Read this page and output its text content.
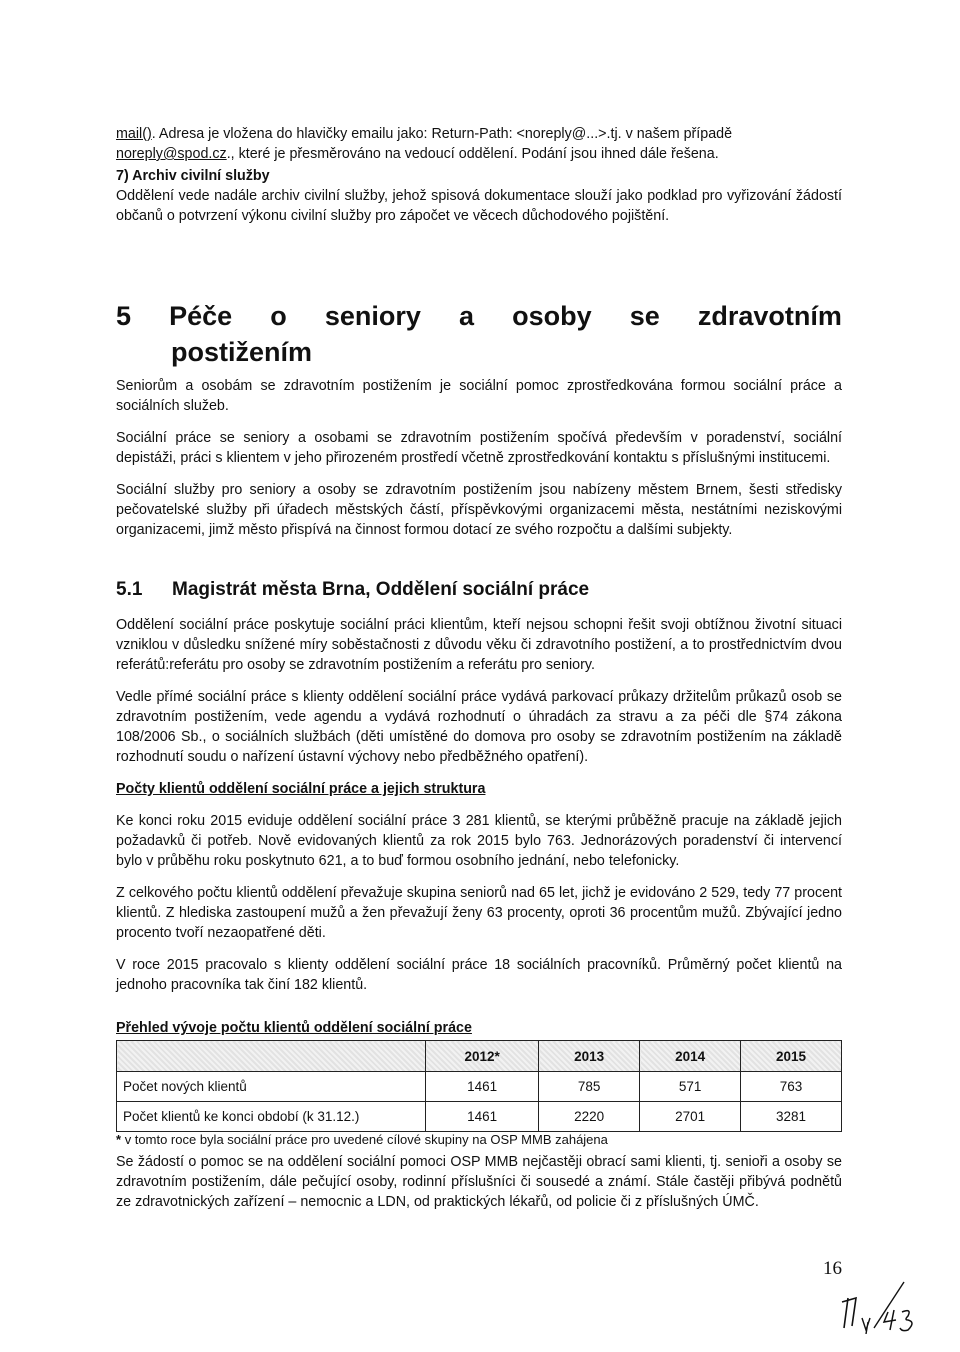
mail(). Adresa je vložena do hlavičky emailu jako: Return-Path: <noreply@...>.tj. v našem případě

noreply@spod.cz., které je přesměrováno na vedoucí oddělení. Podání jsou ihned dále řešena.

7) Archiv civilní služby

Oddělení vede nadále archiv civilní služby, jehož spisová dokumentace slouží jako podklad pro vyřizování žádostí občanů o potvrzení výkonu civilní služby pro zápočet ve věcech důchodového pojištění.

5 Péče o seniory a osoby se zdravotním
postižením

Seniorům a osobám se zdravotním postižením je sociální pomoc zprostředkována formou sociální práce a sociálních služeb.

Sociální práce se seniory a osobami se zdravotním postižením spočívá především v poradenství, sociální depistáži, práci s klientem v jeho přirozeném prostředí včetně zprostředkování kontaktu s příslušnými institucemi.

Sociální služby pro seniory a osoby se zdravotním postižením jsou nabízeny městem Brnem, šesti středisky pečovatelské služby při úřadech městských částí, příspěvkovými organizacemi města, nestátními neziskovými organizacemi, jimž město přispívá na činnost formou dotací ze svého rozpočtu a dalšími subjekty.

5.1	Magistrát města Brna, Oddělení sociální práce

Oddělení sociální práce poskytuje sociální práci klientům, kteří nejsou schopni řešit svoji obtížnou životní situaci vzniklou v důsledku snížené míry soběstačnosti z důvodu věku či zdravotního postižení, a to prostřednictvím dvou referátů:referátu pro osoby se zdravotním postižením a referátu pro seniory.

Vedle přímé sociální práce s klienty oddělení sociální práce vydává parkovací průkazy držitelům průkazů osob se zdravotním postižením, vede agendu a vydává rozhodnutí o úhradách za stravu a za péči dle §74 zákona 108/2006 Sb., o sociálních službách (děti umístěné do domova pro osoby se zdravotním postižením na základě rozhodnutí soudu o nařízení ústavní výchovy nebo předběžného opatření).

Počty klientů oddělení sociální práce a jejich struktura

Ke konci roku 2015 eviduje oddělení sociální práce 3 281 klientů, se kterými průběžně pracuje na základě jejich požadavků či potřeb. Nově evidovaných klientů za rok 2015 bylo 763. Jednorázových poradenství či intervencí bylo v průběhu roku poskytnuto 621, a to buď formou osobního jednání, nebo telefonicky.

Z celkového počtu klientů oddělení převažuje skupina seniorů nad 65 let, jichž je evidováno 2 529, tedy 77 procent klientů. Z hlediska zastoupení mužů a žen převažují ženy 63 procenty, oproti 36 procentům mužů. Zbývající jedno procento tvoří nezaopatřené děti.

V roce 2015 pracovalo s klienty oddělení sociální práce 18 sociálních pracovníků. Průměrný počet klientů na jednoho pracovníka tak činí 182 klientů.

Přehled vývoje počtu klientů oddělení sociální práce

	2012*	2013	2014	2015
Počet nových klientů	1461	785	571	763
Počet klientů ke konci období (k 31.12.)	1461	2220	2701	3281

* v tomto roce byla sociální práce pro uvedené cílové skupiny na OSP MMB zahájena

Se žádostí o pomoc se na oddělení sociální pomoci OSP MMB nejčastěji obrací sami klienti, tj. senioři a osoby se zdravotním postižením, dále pečující osoby, rodinní příslušníci či sousedé a známí. Stále častěji přibývá podnětů ze zdravotnických zařízení – nemocnic a LDN, od praktických lékařů, od policie či z příslušných ÚMČ.

16
